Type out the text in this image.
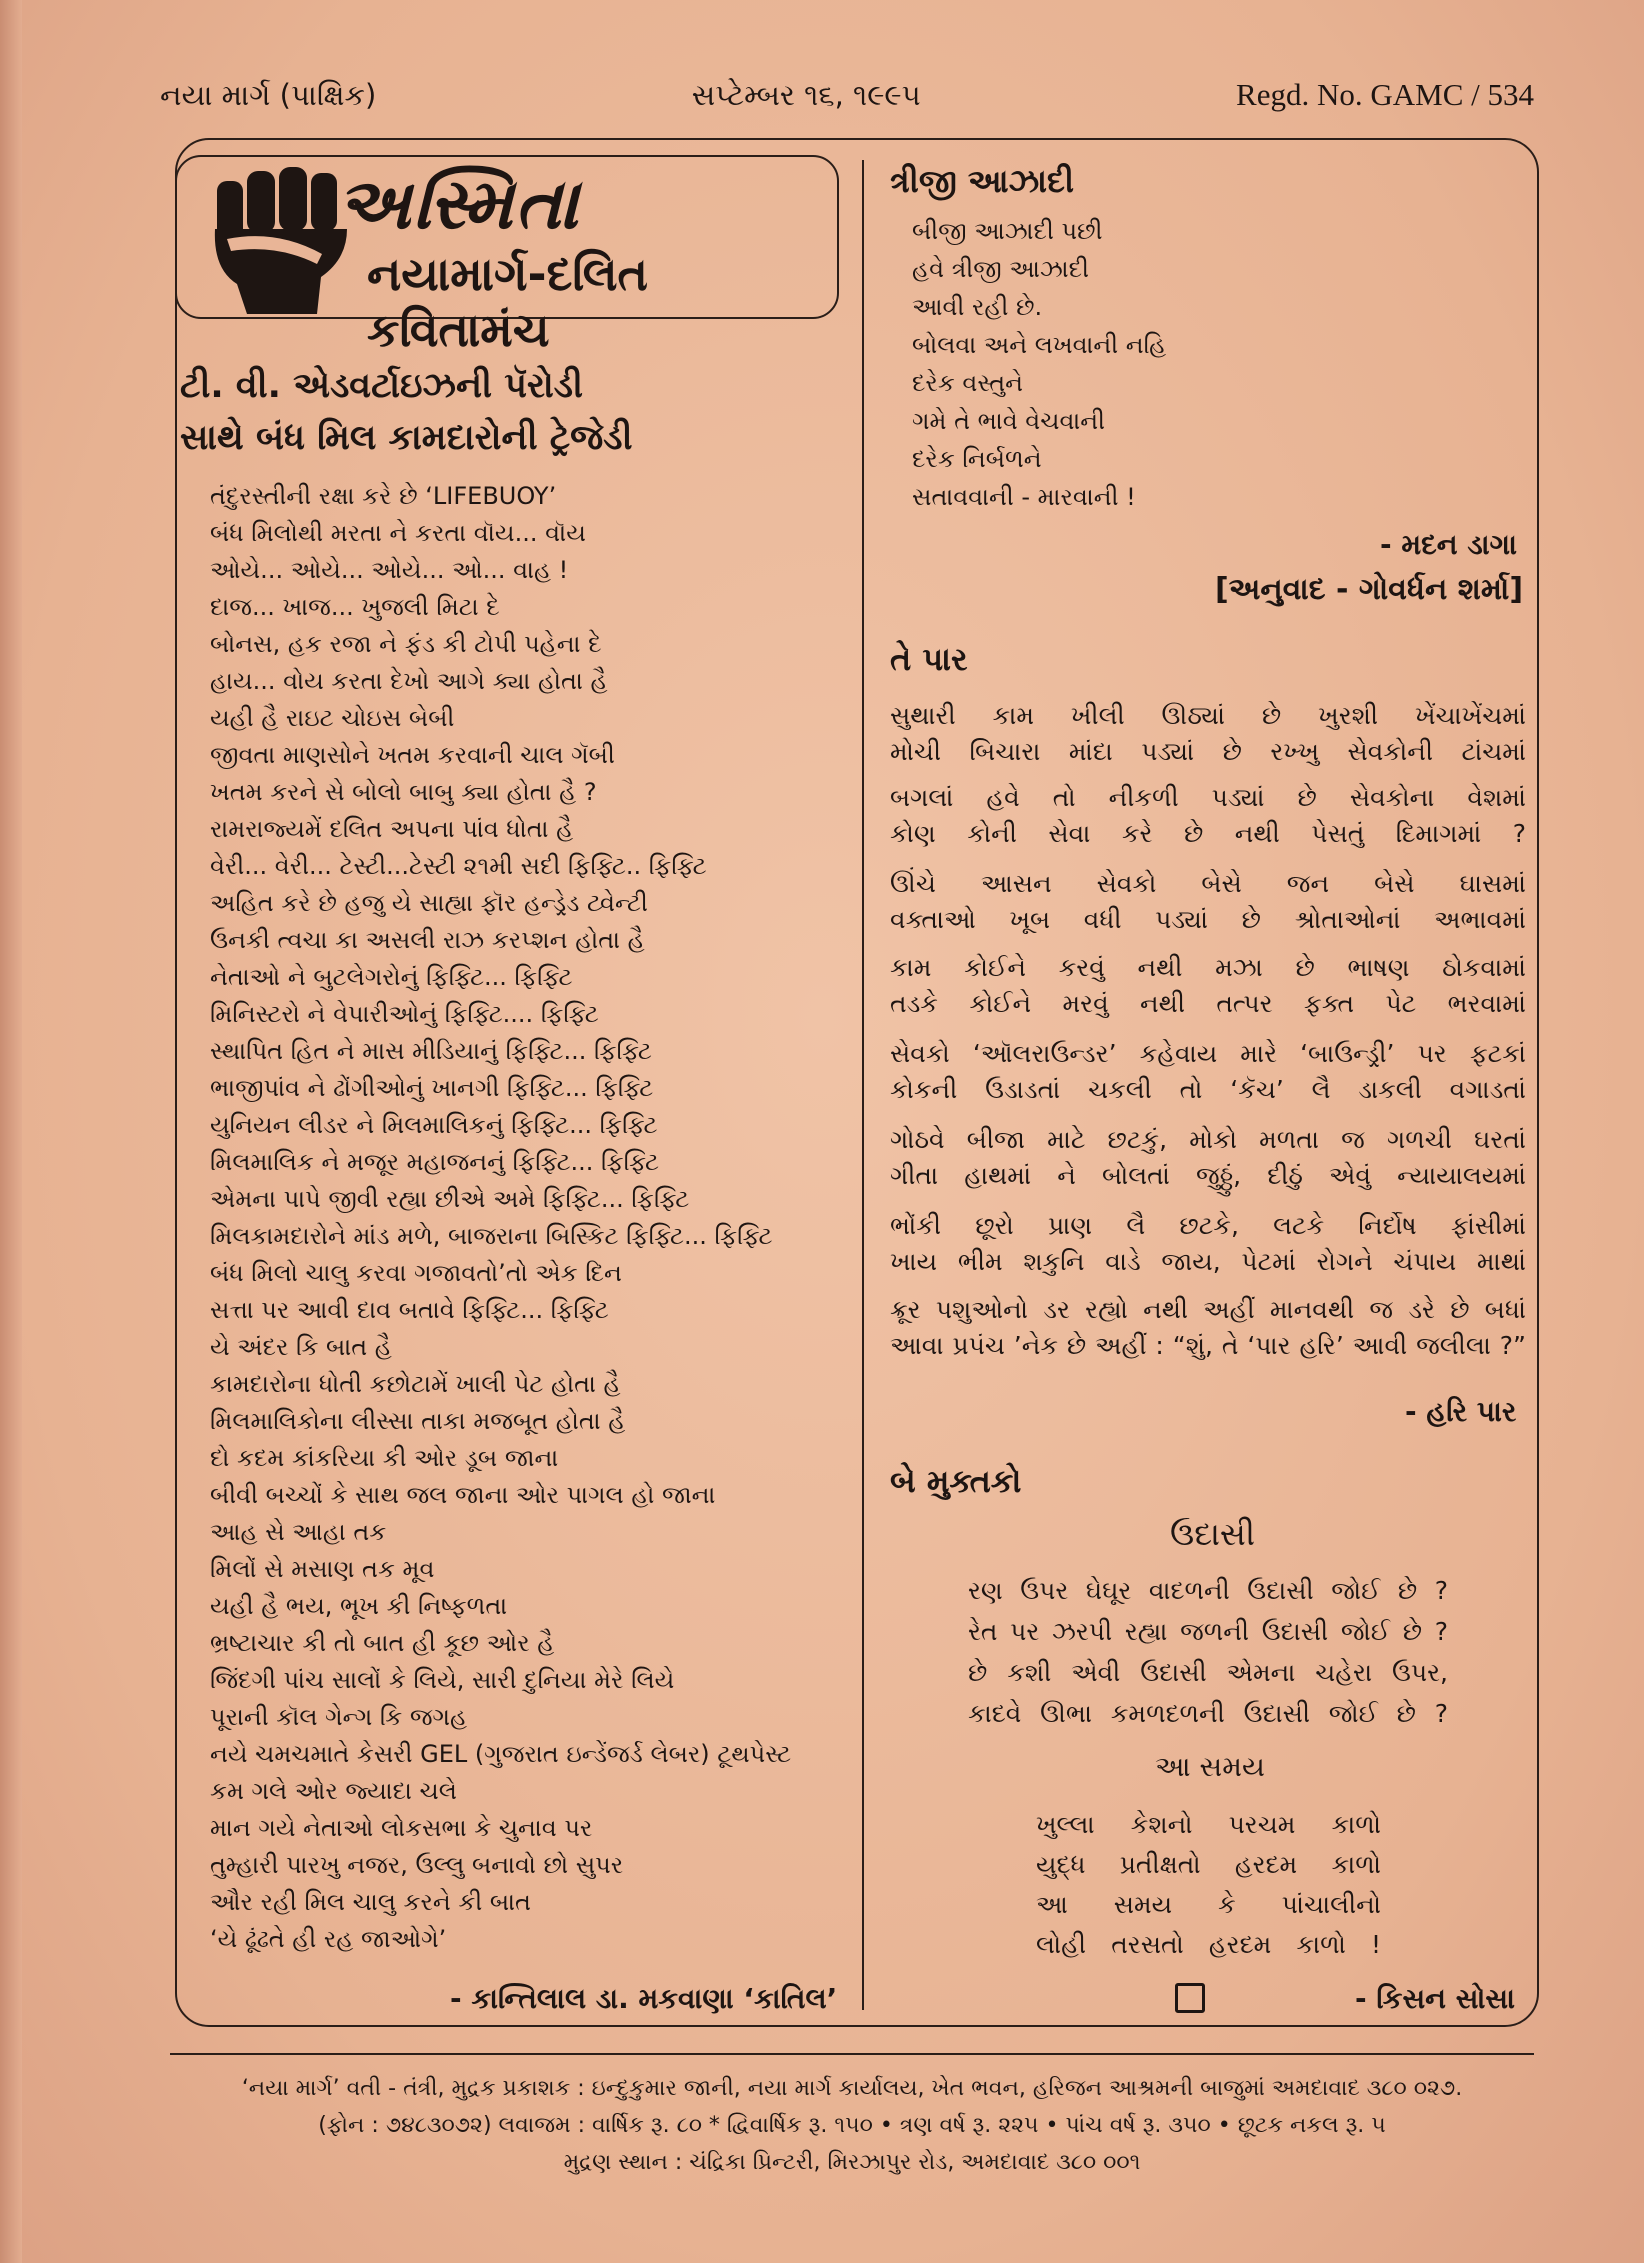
નયા માર્ગ (પાક્ષિક)	સપ્ટેમ્બર ૧૬, ૧૯૯૫	Regd. No. GAMC / 534
અસ્મિતા
નયામાર્ગ-દલિત કવિતામંચ
ટી. વી. એડવર્ટાઇઝની પૅરોડી
સાથે બંધ મિલ કામદારોની ટ્રેજેડી
તંદુરસ્તીની રક્ષા કરે છે ‘LIFEBUOY’
બંધ મિલોથી મરતા ને કરતા વૉય... વૉય
ઓયે... ઓયે... ઓયે... ઓ... વાહ !
દાજ... ખાજ... ખુજલી મિટા દે
બોનસ, હક રજા ને ફંડ કી ટોપી પહેના દે
હાય... વોય કરતા દેખો આગે ક્યા હોતા હૈ
યહી હૈ રાઇટ ચોઇસ બેબી
જીવતા માણસોને ખતમ કરવાની ચાલ ગૅબી
ખતમ કરને સે બોલો બાબુ ક્યા હોતા હૈ ?
રામરાજ્યમેં દલિત અપના પાંવ ધોતા હૈ
વેરી... વેરી... ટેસ્ટી...ટેસ્ટી ૨૧મી સદી ફિફ્ટિ.. ફિફ્ટિ
અહિત કરે છે હજુ યે સાહ્યા ફૉર હન્ડ્રેડ ટ્વેન્ટી
ઉનકી ત્વચા કા અસલી રાઝ કરપ્શન હોતા હૈ
નેતાઓ ને બુટલેગરોનું ફિફ્ટિ... ફિફ્ટિ
મિનિસ્ટરો ને વેપારીઓનું ફિફ્ટિ.... ફિફ્ટિ
સ્થાપિત હિત ને માસ મીડિયાનું ફિફ્ટિ... ફિફ્ટિ
ભાજીપાંવ ને ઢોંગીઓનું ખાનગી ફિફ્ટિ... ફિફ્ટિ
યુનિયન લીડર ને મિલમાલિકનું ફિફ્ટિ... ફિફ્ટિ
મિલમાલિક ને મજૂર મહાજનનું ફિફ્ટિ... ફિફ્ટિ
એમના પાપે જીવી રહ્યા છીએ અમે ફિફ્ટિ... ફિફ્ટિ
મિલકામદારોને માંડ મળે, બાજરાના બિસ્કિટ ફિફ્ટિ... ફિફ્ટિ
બંધ મિલો ચાલુ કરવા ગજાવતો’તો એક દિન
સત્તા પર આવી દાવ બતાવે ફિફ્ટિ... ફિફ્ટિ
યે અંદર કિ બાત હૈ
કામદારોના ધોતી કછોટામેં ખાલી પેટ હોતા હૈ
મિલમાલિકોના લીસ્સા તાકા મજબૂત હોતા હૈ
દો કદમ કાંકરિયા કી ઓર ડૂબ જાના
બીવી બચ્ચોં કે સાથ જલ જાના ઓર પાગલ હો જાના
આહ સે આહા તક
મિલોં સે મસાણ તક મૂવ
યહી હૈ ભય, ભૂખ કી નિષ્ફળતા
ભ્રષ્ટાચાર કી તો બાત હી કૂછ ઓર હૈ
જિંદગી પાંચ સાલોં કે લિયે, સારી દુનિયા મેરે લિયે
પૂરાની કૉલ ગેન્ગ કિ જગહ
નયે ચમચમાતે કેસરી GEL (ગુજરાત ઇન્ડેંજર્ડ લેબર) ટૂથપેસ્ટ
કમ ગલે ઓર જ્યાદા ચલે
માન ગયે નેતાઓ લોકસભા કે ચુનાવ પર
તુમ્હારી પારખુ નજર, ઉલ્લુ બનાવો છો સુપર
ઔર રહી મિલ ચાલુ કરને કી બાત
‘યે ઢૂંઢતે હી રહ જાઓગે’
- કાન્તિલાલ ડા. મકવાણા ‘કાતિલ’
ત્રીજી આઝાદી
બીજી આઝાદી પછી
હવે ત્રીજી આઝાદી
આવી રહી છે.
બોલવા અને લખવાની નહિ
દરેક વસ્તુને
ગમે તે ભાવે વેચવાની
દરેક નિર્બળને
સતાવવાની - મારવાની !
- મદન ડાગા
[અનુવાદ - ગોવર્ધન શર્મા]
તે પાર
સુથારી કામ ખીલી ઊઠ્યાં છે ખુરશી ખેંચાખેંચમાં
મોચી બિચારા માંદા પડ્યાં છે રખ્ખુ સેવકોની ટાંચમાં
બગલાં હવે તો નીકળી પડ્યાં છે સેવકોના વેશમાં
કોણ કોની સેવા કરે છે નથી પેસતું દિમાગમાં ?
ઊંચે આસન સેવકો બેસે જન બેસે ઘાસમાં
વક્તાઓ ખૂબ વધી પડ્યાં છે શ્રોતાઓનાં અભાવમાં
કામ કોઈને કરવું નથી મઝા છે ભાષણ ઠોકવામાં
તડકે કોઈને મરવું નથી તત્પર ફક્ત પેટ ભરવામાં
સેવકો ‘ઑલરાઉન્ડર’ કહેવાય મારે ‘બાઉન્ડ્રી’ પર ફટકાં
કોકની ઉડાડતાં ચકલી તો ‘કૅચ’ લૈ ડાકલી વગાડતાં
ગોઠવે બીજા માટે છટકું, મોકો મળતા જ ગળચી ઘરતાં
ગીતા હાથમાં ને બોલતાં જુઠ્ઠું, દીઠું એવું ન્યાયાલયમાં
ભોંકી છૂરો પ્રાણ લૈ છટકે, લટકે નિર્દોષ ફાંસીમાં
ખાય ભીમ શકુનિ વાડે જાય, પેટમાં રોગને ચંપાય માથાં
ક્રૂર પશુઓનો ડર રહ્યો નથી અહીં માનવથી જ ડરે છે બધાં
આવા પ્રપંચ ’નેક છે અહીં : “શું, તે ‘પાર હરિ’ આવી જલીલા ?”
- હરિ પાર
બે મુક્તકો
ઉદાસી
રણ ઉપર ઘેઘૂર વાદળની ઉદાસી જોઈ છે ?
રેત પર ઝરપી રહ્યા જળની ઉદાસી જોઈ છે ?
છે કશી એવી ઉદાસી એમના ચહેરા ઉપર,
કાદવે ઊભા કમળદળની ઉદાસી જોઈ છે ?
આ સમય
ખુલ્લા કેશનો પરચમ કાળો
યુદ્ધ પ્રતીક્ષતો હરદમ કાળો
આ સમય કે પાંચાલીનો
લોહી તરસતો હરદમ કાળો !
- કિસન સોસા
‘નયા માર્ગ’ વતી - તંત્રી, મુદ્રક પ્રકાશક : ઇન્દુકુમાર જાની, નયા માર્ગ કાર્યાલય, ખેત ભવન, હરિજન આશ્રમની બાજુમાં અમદાવાદ ૩૮૦ ૦૨૭.
(ફોન : ૭૪૮૩૦૭૨) લવાજમ : વાર્ષિક રૂ. ૮૦ * દ્વિવાર્ષિક રૂ. ૧૫૦ • ત્રણ વર્ષ રૂ. ૨૨૫ • પાંચ વર્ષ રૂ. ૩૫૦ • છૂટક નકલ રૂ. ૫
મુદ્રણ સ્થાન : ચંદ્રિકા પ્રિન્ટરી, મિરઝાપુર રોડ, અમદાવાદ ૩૮૦ ૦૦૧
